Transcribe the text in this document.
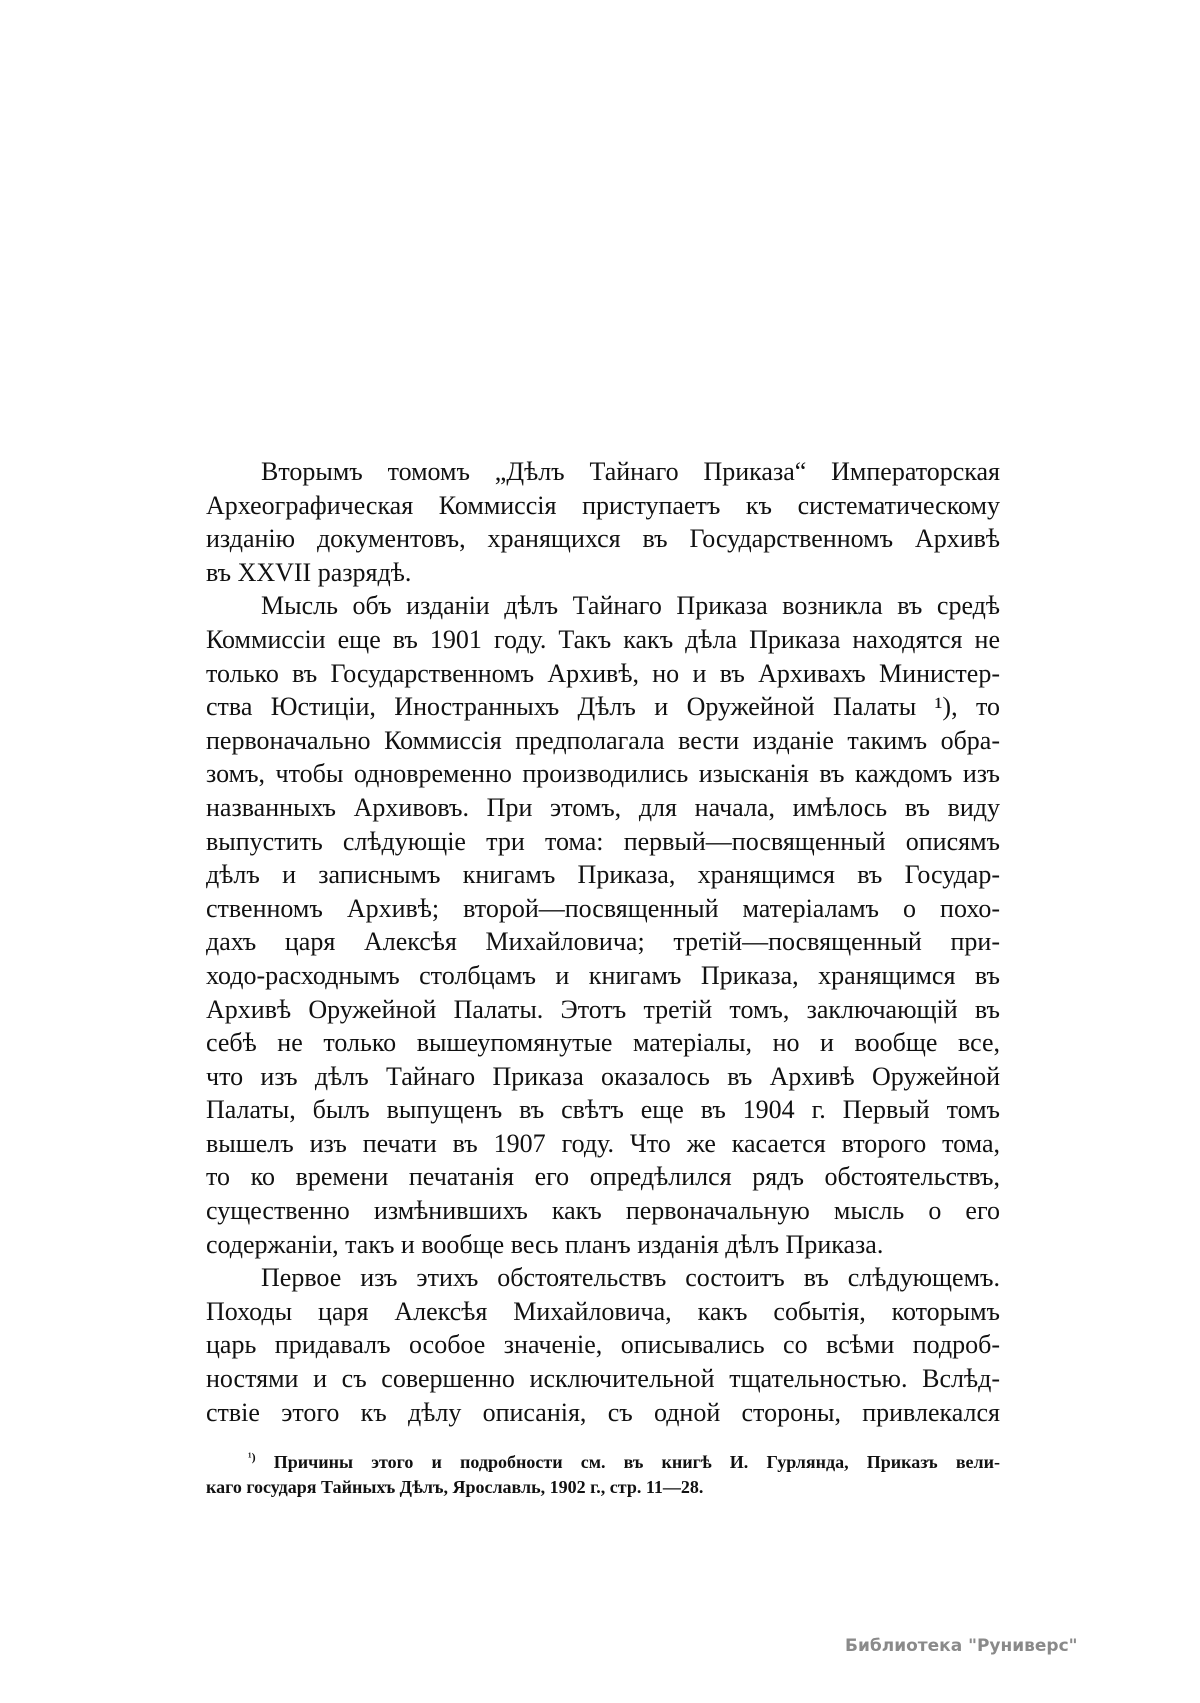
Вторымъ томомъ „Дѣлъ Тайнаго Приказа“ Императорская
Археографическая Коммиссія приступаетъ къ систематическому
изданію документовъ, хранящихся въ Государственномъ Архивѣ
въ XXVII разрядѣ.
Мысль объ изданіи дѣлъ Тайнаго Приказа возникла въ средѣ
Коммиссіи еще въ 1901 году. Такъ какъ дѣла Приказа находятся не
только въ Государственномъ Архивѣ, но и въ Архивахъ Министер-
ства Юстиціи, Иностранныхъ Дѣлъ и Оружейной Палаты ¹), то
первоначально Коммиссія предполагала вести изданіе такимъ обра-
зомъ, чтобы одновременно производились изысканія въ каждомъ изъ
названныхъ Архивовъ. При этомъ, для начала, имѣлось въ виду
выпустить слѣдующіе три тома: первый—посвященный описямъ
дѣлъ и записнымъ книгамъ Приказа, хранящимся въ Государ-
ственномъ Архивѣ; второй—посвященный матеріаламъ о похо-
дахъ царя Алексѣя Михайловича; третій—посвященный при-
ходо-расходнымъ столбцамъ и книгамъ Приказа, хранящимся въ
Архивѣ Оружейной Палаты. Этотъ третій томъ, заключающій въ
себѣ не только вышеупомянутые матеріалы, но и вообще все,
что изъ дѣлъ Тайнаго Приказа оказалось въ Архивѣ Оружейной
Палаты, былъ выпущенъ въ свѣтъ еще въ 1904 г. Первый томъ
вышелъ изъ печати въ 1907 году. Что же касается второго тома,
то ко времени печатанія его опредѣлился рядъ обстоятельствъ,
существенно измѣнившихъ какъ первоначальную мысль о его
содержаніи, такъ и вообще весь планъ изданія дѣлъ Приказа.
Первое изъ этихъ обстоятельствъ состоитъ въ слѣдующемъ.
Походы царя Алексѣя Михайловича, какъ событія, которымъ
царь придавалъ особое значеніе, описывались со всѣми подроб-
ностями и съ совершенно исключительной тщательностью. Вслѣд-
ствіе этого къ дѣлу описанія, съ одной стороны, привлекался
$^{^1)}$ Причины этого и подробности см. въ книгѣ И. Гурлянда, Приказъ вели-
каго государя Тайныхъ Дѣлъ, Ярославль, 1902 г., стр. 11—28.
Библиотека "Руниверс"
